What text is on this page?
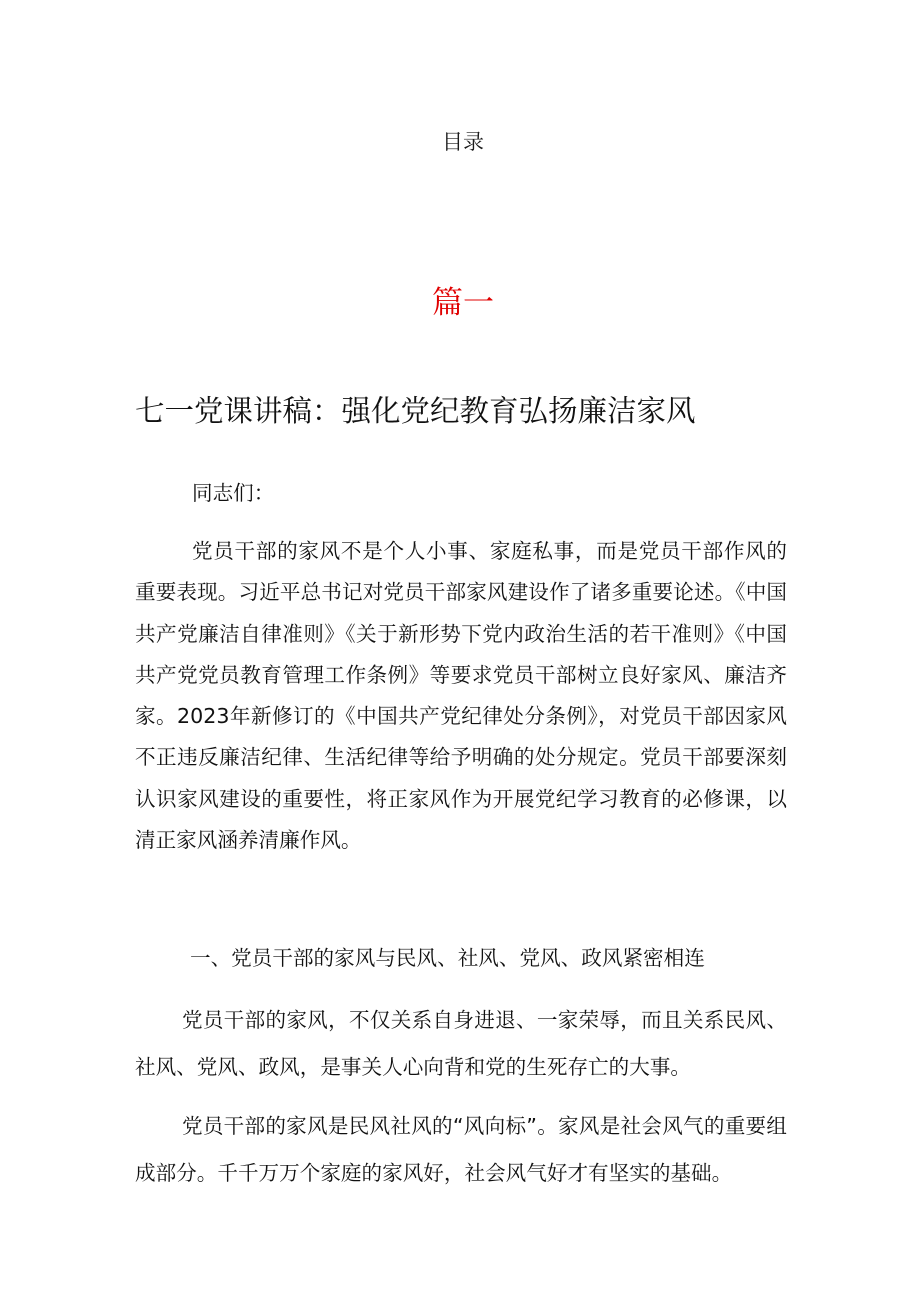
目录
篇一
七一党课讲稿：强化党纪教育弘扬廉洁家风
同志们：
党员干部的家风不是个人小事、家庭私事，而是党员干部作风的重要表现。习近平总书记对党员干部家风建设作了诸多重要论述。《中国共产党廉洁自律准则》《关于新形势下党内政治生活的若干准则》《中国共产党党员教育管理工作条例》等要求党员干部树立良好家风、廉洁齐家。2023年新修订的《中国共产党纪律处分条例》，对党员干部因家风不正违反廉洁纪律、生活纪律等给予明确的处分规定。党员干部要深刻认识家风建设的重要性，将正家风作为开展党纪学习教育的必修课，以清正家风涵养清廉作风。
一、党员干部的家风与民风、社风、党风、政风紧密相连
党员干部的家风，不仅关系自身进退、一家荣辱，而且关系民风、社风、党风、政风，是事关人心向背和党的生死存亡的大事。
党员干部的家风是民风社风的“风向标”。家风是社会风气的重要组成部分。千千万万个家庭的家风好，社会风气好才有坚实的基础。
